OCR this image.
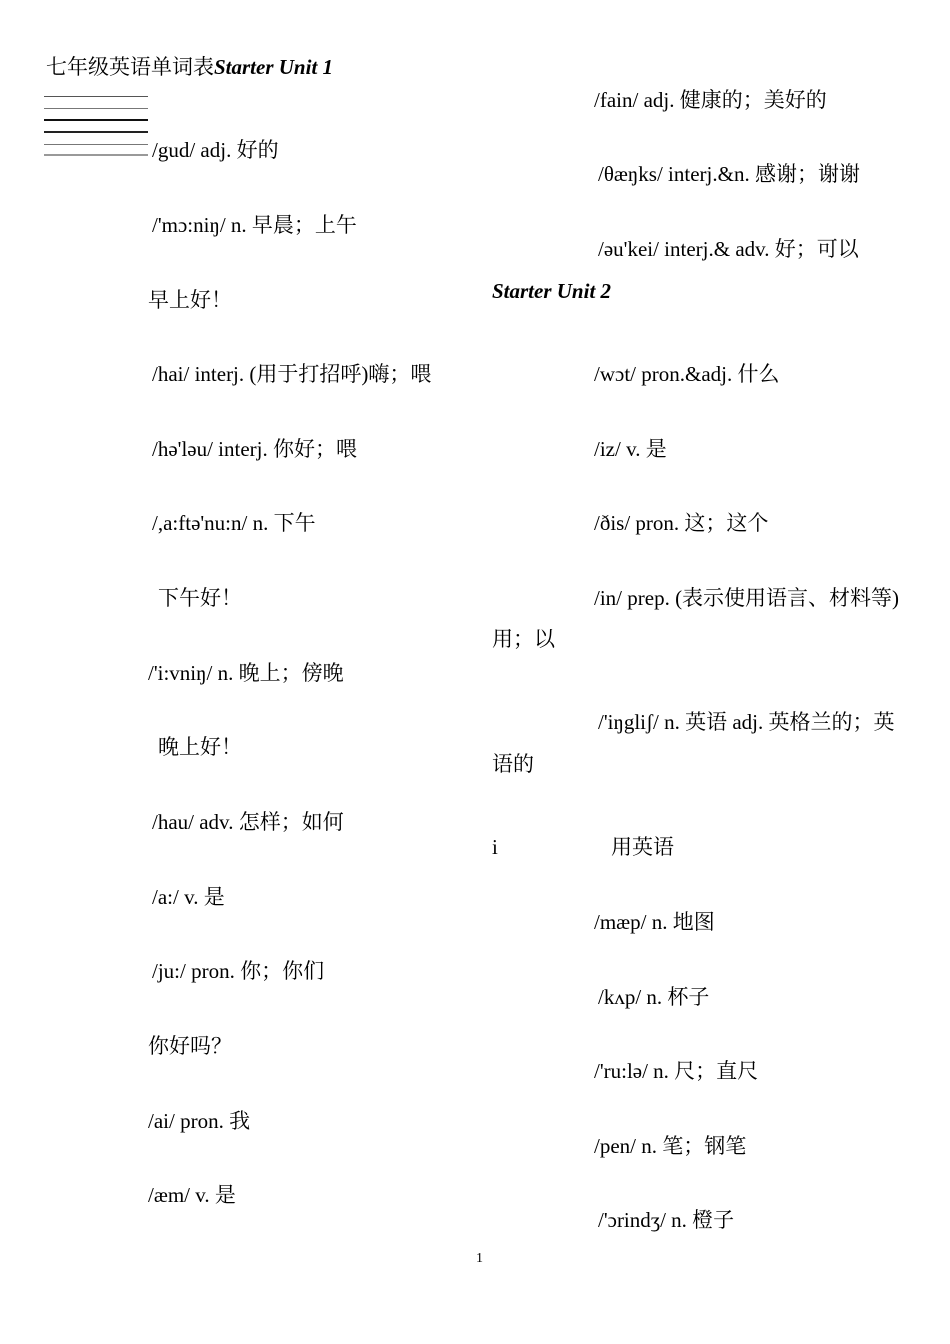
七年级英语单词表Starter Unit 1
/gud/ adj. 好的
/'mɔ:niŋ/ n. 早晨；上午
早上好！
/hai/ interj. (用于打招呼)嗨；喂
/hə'ləu/ interj. 你好；喂
/,a:ftə'nu:n/ n. 下午
下午好！
/'i:vniŋ/ n. 晚上；傍晚
晚上好！
/hau/ adv. 怎样；如何
/a:/ v. 是
/ju:/ pron. 你；你们
你好吗？
/ai/ pron. 我
/æm/ v. 是
/fain/ adj. 健康的；美好的
/θæŋks/ interj.&n. 感谢；谢谢
/əu'kei/ interj.& adv. 好；可以
Starter Unit 2
/wɔt/ pron.&adj. 什么
/iz/ v. 是
/ðis/ pron. 这；这个
/in/ prep. (表示使用语言、材料等)
用；以
/'iŋgliʃ/ n. 英语 adj. 英格兰的；英
语的
i	用英语
/mæp/ n. 地图
/kʌp/ n. 杯子
/'ru:lə/ n. 尺；直尺
/pen/ n. 笔；钢笔
/'ɔrindʒ/ n. 橙子
1
